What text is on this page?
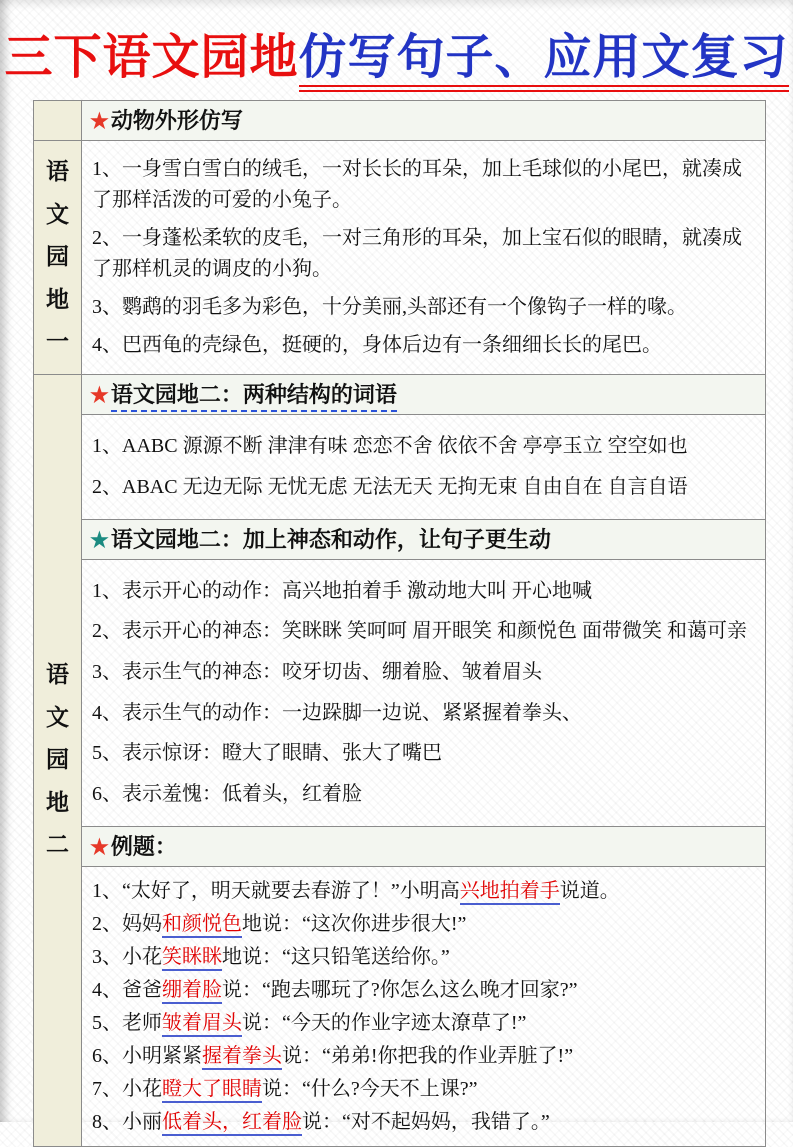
三下语文园地仿写句子、应用文复习
语文园地一
语文园地二
★动物外形仿写
1、一身雪白雪白的绒毛，一对长长的耳朵，加上毛球似的小尾巴，就凑成了那样活泼的可爱的小兔子。
2、一身蓬松柔软的皮毛，一对三角形的耳朵，加上宝石似的眼睛，就凑成了那样机灵的调皮的小狗。
3、鹦鹉的羽毛多为彩色，十分美丽,头部还有一个像钩子一样的喙。
4、巴西龟的壳绿色，挺硬的，身体后边有一条细细长长的尾巴。
★语文园地二：两种结构的词语
1、AABC 源源不断 津津有味 恋恋不舍 依依不舍 亭亭玉立 空空如也
2、ABAC 无边无际 无忧无虑 无法无天 无拘无束 自由自在 自言自语
★语文园地二：加上神态和动作，让句子更生动
1、表示开心的动作：高兴地拍着手 激动地大叫 开心地喊
2、表示开心的神态：笑眯眯 笑呵呵 眉开眼笑 和颜悦色 面带微笑 和蔼可亲
3、表示生气的神态：咬牙切齿、绷着脸、皱着眉头
4、表示生气的动作：一边跺脚一边说、紧紧握着拳头、
5、表示惊讶：瞪大了眼睛、张大了嘴巴
6、表示羞愧：低着头，红着脸
★例题：
1、“太好了，明天就要去春游了！”小明高兴地拍着手说道。
2、妈妈和颜悦色地说：“这次你进步很大!”
3、小花笑眯眯地说：“这只铅笔送给你。”
4、爸爸绷着脸说：“跑去哪玩了?你怎么这么晚才回家?”
5、老师皱着眉头说：“今天的作业字迹太潦草了!”
6、小明紧紧握着拳头说：“弟弟!你把我的作业弄脏了!”
7、小花瞪大了眼睛说：“什么?今天不上课?”
8、小丽低着头，红着脸说：“对不起妈妈，我错了。”
